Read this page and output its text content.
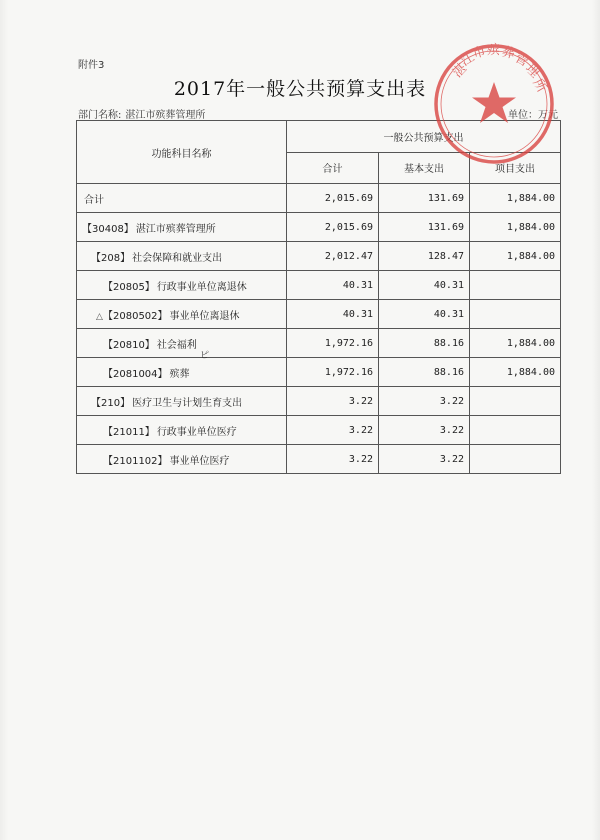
附件3
2017年一般公共预算支出表
部门名称: 湛江市殡葬管理所	单位：万元
功能科目名称	一般公共预算支出		
	合计	基本支出	项目支出
合计	2,015.69	131.69	1,884.00
【30408】 湛江市殡葬管理所	2,015.69	131.69	1,884.00
【208】 社会保障和就业支出	2,012.47	128.47	1,884.00
【20805】 行政事业单位离退休	40.31	40.31	
【2080502】 事业单位离退休	40.31	40.31	
【20810】 社会福利	1,972.16	88.16	1,884.00
【2081004】 殡葬	1,972.16	88.16	1,884.00
【210】 医疗卫生与计划生育支出	3.22	3.22	
【21011】 行政事业单位医疗	3.22	3.22	
【2101102】 事业单位医疗	3.22	3.22	
湛
江
市 殡 葬
管
理
所
ピ
△
